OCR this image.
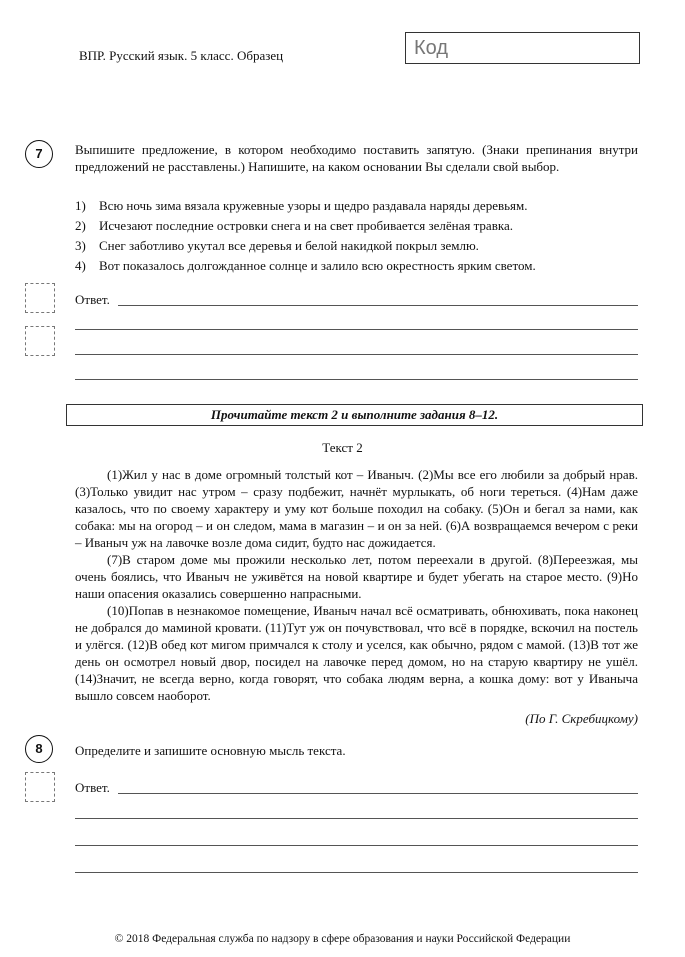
ВПР. Русский язык. 5 класс. Образец	Код
7	Выпишите предложение, в котором необходимо поставить запятую. (Знаки препинания внутри предложений не расставлены.) Напишите, на каком основании Вы сделали свой выбор.
1) Всю ночь зима вязала кружевные узоры и щедро раздавала наряды деревьям.
2) Исчезают последние островки снега и на свет пробивается зелёная травка.
3) Снег заботливо укутал все деревья и белой накидкой покрыл землю.
4) Вот показалось долгожданное солнце и залило всю окрестность ярким светом.
Ответ.
Прочитайте текст 2 и выполните задания 8–12.
Текст 2

(1)Жил у нас в доме огромный толстый кот – Иваныч. (2)Мы все его любили за добрый нрав. (3)Только увидит нас утром – сразу подбежит, начнёт мурлыкать, об ноги тереться. (4)Нам даже казалось, что по своему характеру и уму кот больше походил на собаку. (5)Он и бегал за нами, как собака: мы на огород – и он следом, мама в магазин – и он за ней. (6)А возвращаемся вечером с реки – Иваныч уж на лавочке возле дома сидит, будто нас дожидается.

(7)В старом доме мы прожили несколько лет, потом переехали в другой. (8)Переезжая, мы очень боялись, что Иваныч не уживётся на новой квартире и будет убегать на старое место. (9)Но наши опасения оказались совершенно напрасными.

(10)Попав в незнакомое помещение, Иваныч начал всё осматривать, обнюхивать, пока наконец не добрался до маминой кровати. (11)Тут уж он почувствовал, что всё в порядке, вскочил на постель и улёгся. (12)В обед кот мигом примчался к столу и уселся, как обычно, рядом с мамой. (13)В тот же день он осмотрел новый двор, посидел на лавочке перед домом, но на старую квартиру не ушёл. (14)Значит, не всегда верно, когда говорят, что собака людям верна, а кошка дому: вот у Иваныча вышло совсем наоборот.

(По Г. Скребицкому)
8	Определите и запишите основную мысль текста.
Ответ.
© 2018 Федеральная служба по надзору в сфере образования и науки Российской Федерации
